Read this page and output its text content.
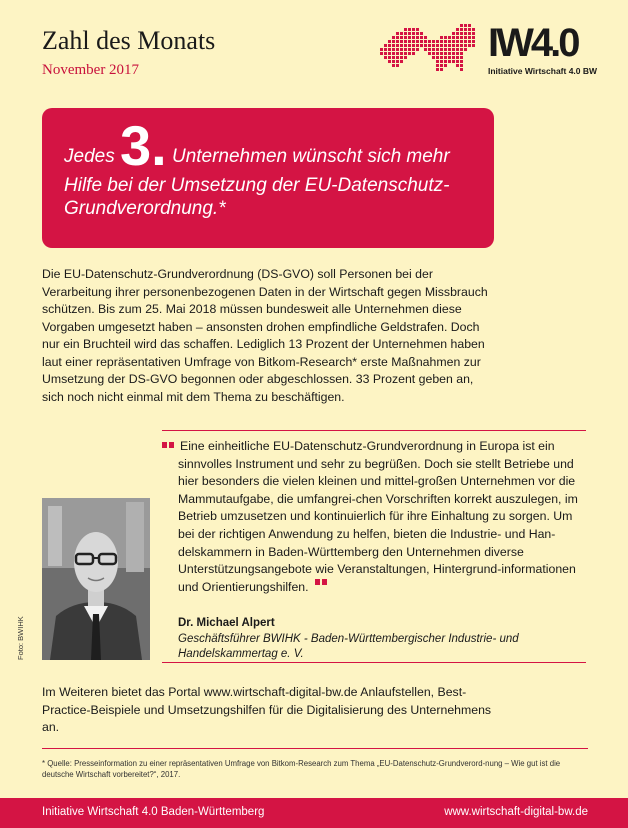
Zahl des Monats
November 2017
IW4.0
Initiative Wirtschaft 4.0 BW
Jedes 3. Unternehmen wünscht sich mehr Hilfe bei der Umsetzung der EU-Datenschutz-Grundverordnung.*
Die EU-Datenschutz-Grundverordnung (DS-GVO) soll Personen bei der Verarbeitung ihrer personenbezogenen Daten in der Wirtschaft gegen Missbrauch schützen. Bis zum 25. Mai 2018 müssen bundesweit alle Unternehmen diese Vorgaben umgesetzt haben – ansonsten drohen empfindliche Geldstrafen. Doch nur ein Bruchteil wird das schaffen. Lediglich 13 Prozent der Unternehmen haben laut einer repräsentativen Umfrage von Bitkom-Research* erste Maßnahmen zur Umsetzung der DS-GVO begonnen oder abgeschlossen. 33 Prozent geben an, sich noch nicht einmal mit dem Thema zu beschäftigen.
Foto: BWIHK
Eine einheitliche EU-Datenschutz-Grundverordnung in Europa ist ein sinnvolles Instrument und sehr zu begrüßen. Doch sie stellt Betriebe und hier besonders die vielen kleinen und mittel-großen Unternehmen vor die Mammutaufgabe, die umfangrei-chen Vorschriften korrekt auszulegen, im Betrieb umzusetzen und kontinuierlich für ihre Einhaltung zu sorgen. Um bei der richtigen Anwendung zu helfen, bieten die Industrie- und Han-delskammern in Baden-Württemberg den Unternehmen diverse Unterstützungsangebote wie Veranstaltungen, Hintergrund-informationen und Orientierungshilfen.
Dr. Michael Alpert
Geschäftsführer BWIHK - Baden-Württembergischer Industrie- und Handelskammertag e. V.
Im Weiteren bietet das Portal www.wirtschaft-digital-bw.de Anlaufstellen, Best-Practice-Beispiele und Umsetzungshilfen für die Digitalisierung des Unternehmens an.
* Quelle: Presseinformation zu einer repräsentativen Umfrage von Bitkom-Research zum Thema „EU-Datenschutz-Grundverord-nung – Wie gut ist die deutsche Wirtschaft vorbereitet?“, 2017.
Initiative Wirtschaft 4.0 Baden-Württemberg	www.wirtschaft-digital-bw.de
